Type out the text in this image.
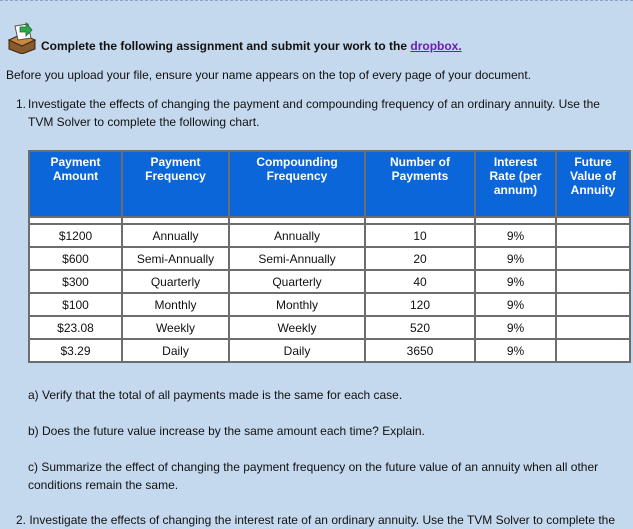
Complete the following assignment and submit your work to the dropbox.
Before you upload your file, ensure your name appears on the top of every page of your document.
1. Investigate the effects of changing the payment and compounding frequency of an ordinary annuity. Use the TVM Solver to complete the following chart.
Payment Amount	Payment Frequency	Compounding Frequency	Number of Payments	Interest Rate (per annum)	Future Value of Annuity

$1200	Annually	Annually	10	9%	
$600	Semi-Annually	Semi-Annually	20	9%	
$300	Quarterly	Quarterly	40	9%	
$100	Monthly	Monthly	120	9%	
$23.08	Weekly	Weekly	520	9%	
$3.29	Daily	Daily	3650	9%	
a) Verify that the total of all payments made is the same for each case.
b) Does the future value increase by the same amount each time? Explain.
c) Summarize the effect of changing the payment frequency on the future value of an annuity when all other conditions remain the same.
2. Investigate the effects of changing the interest rate of an ordinary annuity. Use the TVM Solver to complete the
